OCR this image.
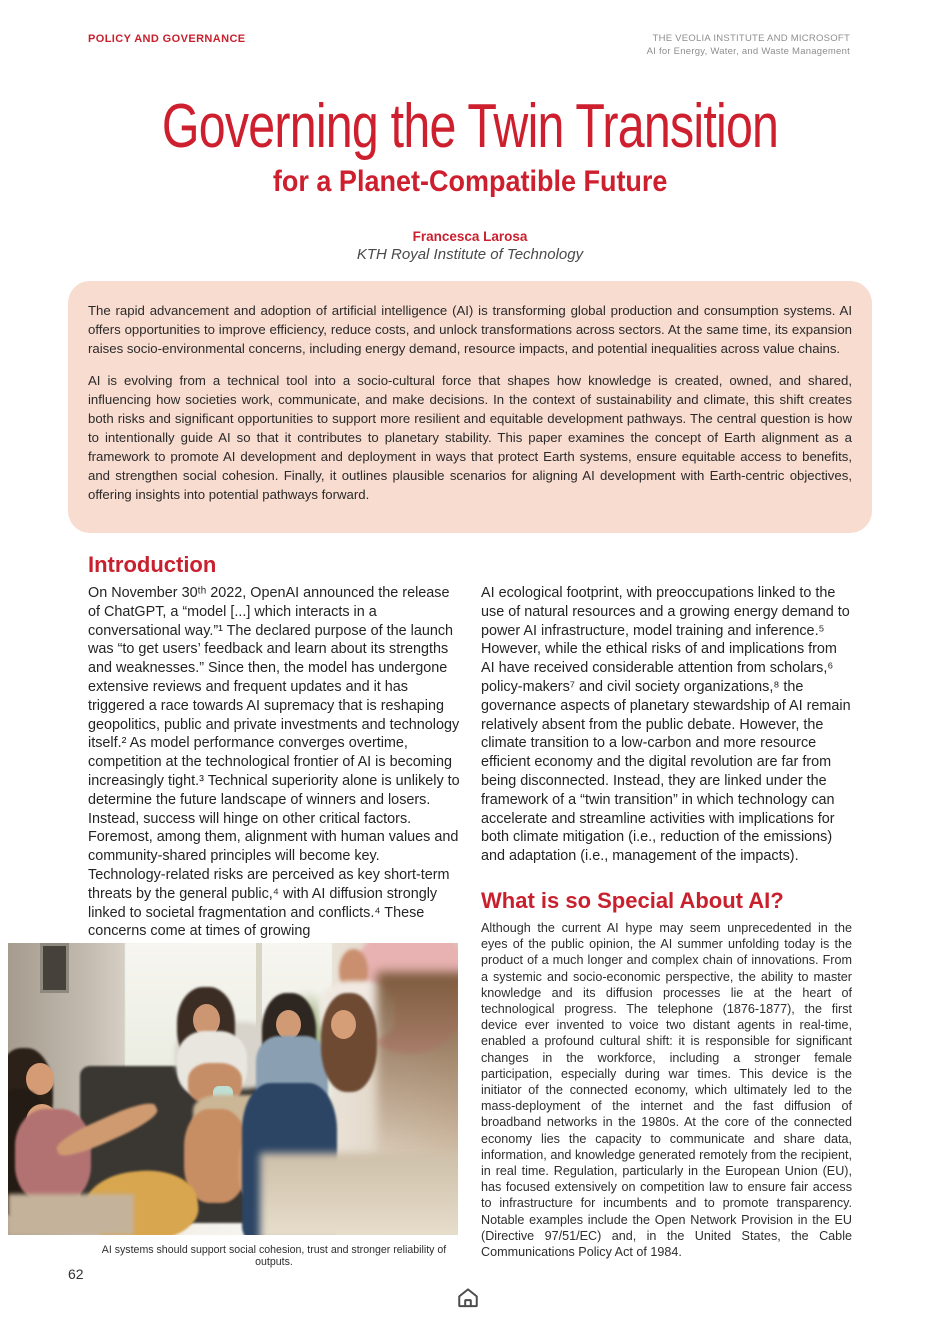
POLICY AND GOVERNANCE	THE VEOLIA INSTITUTE AND MICROSOFT
AI for Energy, Water, and Waste Management
Governing the Twin Transition
for a Planet-Compatible Future
Francesca Larosa
KTH Royal Institute of Technology

The rapid advancement and adoption of artificial intelligence (AI) is transforming global production and consumption systems. AI offers opportunities to improve efficiency, reduce costs, and unlock transformations across sectors. At the same time, its expansion raises socio-environmental concerns, including energy demand, resource impacts, and potential inequalities across value chains.

AI is evolving from a technical tool into a socio-cultural force that shapes how knowledge is created, owned, and shared, influencing how societies work, communicate, and make decisions. In the context of sustainability and climate, this shift creates both risks and significant opportunities to support more resilient and equitable development pathways. The central question is how to intentionally guide AI so that it contributes to planetary stability. This paper examines the concept of Earth alignment as a framework to promote AI development and deployment in ways that protect Earth systems, ensure equitable access to benefits, and strengthen social cohesion. Finally, it outlines plausible scenarios for aligning AI development with Earth-centric objectives, offering insights into potential pathways forward.

Introduction
On November 30ᵗʰ 2022, OpenAI announced the release of ChatGPT, a “model [...] which interacts in a conversational way.”¹ The declared purpose of the launch was “to get users’ feedback and learn about its strengths and weaknesses.” Since then, the model has undergone extensive reviews and frequent updates and it has triggered a race towards AI supremacy that is reshaping geopolitics, public and private investments and technology itself.² As model performance converges overtime, competition at the technological frontier of AI is becoming increasingly tight.³ Technical superiority alone is unlikely to determine the future landscape of winners and losers. Instead, success will hinge on other critical factors. Foremost, among them, alignment with human values and community-shared principles will become key. Technology-related risks are perceived as key short-term threats by the general public,⁴ with AI diffusion strongly linked to societal fragmentation and conflicts.⁴ These concerns come at times of growing
AI ecological footprint, with preoccupations linked to the use of natural resources and a growing energy demand to power AI infrastructure, model training and inference.⁵ However, while the ethical risks of and implications from AI have received considerable attention from scholars,⁶ policy-makers⁷ and civil society organizations,⁸ the governance aspects of planetary stewardship of AI remain relatively absent from the public debate. However, the climate transition to a low-carbon and more resource efficient economy and the digital revolution are far from being disconnected. Instead, they are linked under the framework of a “twin transition” in which technology can accelerate and streamline activities with implications for both climate mitigation (i.e., reduction of the emissions) and adaptation (i.e., management of the impacts).
What is so Special About AI?
Although the current AI hype may seem unprecedented in the eyes of the public opinion, the AI summer unfolding today is the product of a much longer and complex chain of innovations. From a systemic and socio-economic perspective, the ability to master knowledge and its diffusion processes lie at the heart of technological progress. The telephone (1876-1877), the first device ever invented to voice two distant agents in real-time, enabled a profound cultural shift: it is responsible for significant changes in the workforce, including a stronger female participation, especially during war times. This device is the initiator of the connected economy, which ultimately led to the mass-deployment of the internet and the fast diffusion of broadband networks in the 1980s. At the core of the connected economy lies the capacity to communicate and share data, information, and knowledge generated remotely from the recipient, in real time. Regulation, particularly in the European Union (EU), has focused extensively on competition law to ensure fair access to infrastructure for incumbents and to promote transparency. Notable examples include the Open Network Provision in the EU (Directive 97/51/EC) and, in the United States, the Cable Communications Policy Act of 1984.
AI systems should support social cohesion, trust and stronger reliability of outputs.
62
